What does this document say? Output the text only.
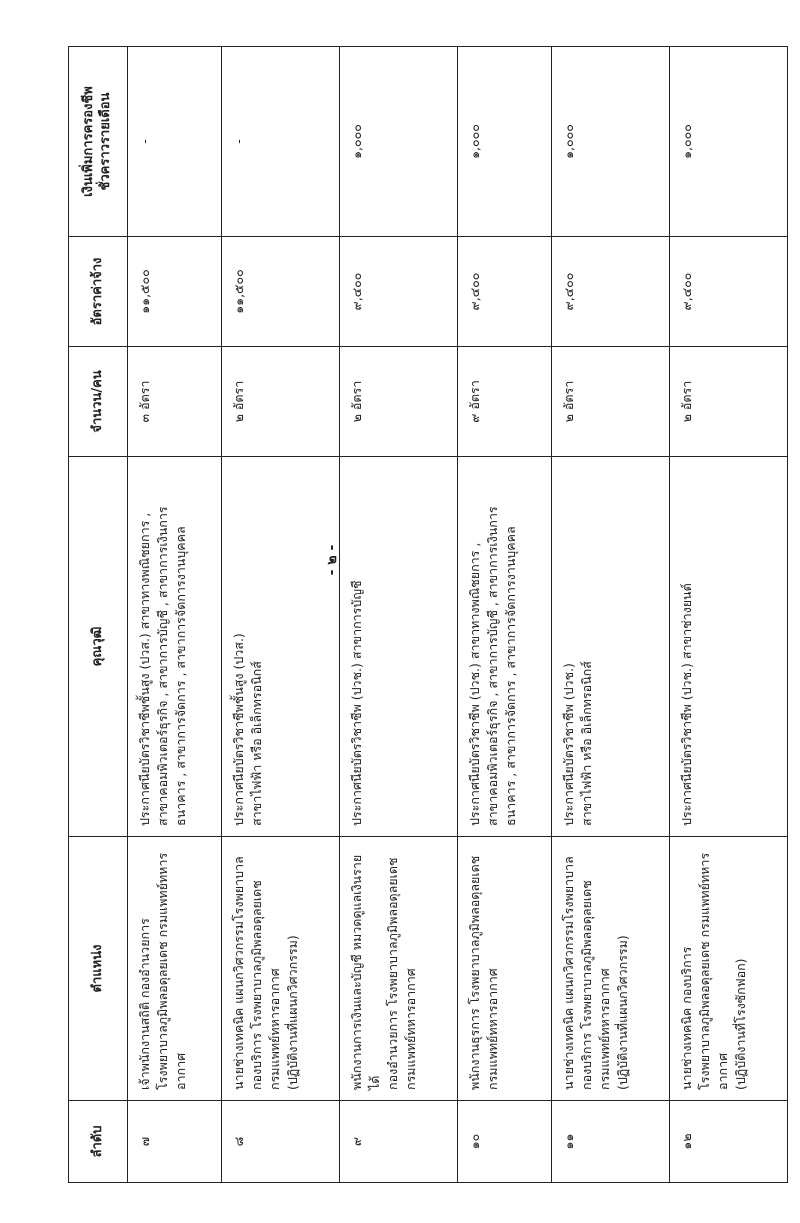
- ๒ -
ลำดับ	ตำแหน่ง	คุณวุฒิ	จำนวน/คน	อัตราค่าจ้าง	เงินเพิ่มการครองชีพ ชั่วคราวรายเดือน

๗	เจ้าพนักงานสถิติ กองอำนวยการ โรงพยาบาลภูมิพลอดุลยเดช กรมแพทย์ทหารอากาศ	ประกาศนียบัตรวิชาชีพชั้นสูง (ปวส.) สาขาทางพณิชยการ , สาขาคอมพิวเตอร์ธุรกิจ , สาขาการบัญชี , สาขาการเงินการ ธนาคาร , สาขาการจัดการ , สาขาการจัดการงานบุคคล	๓ อัตรา	๑๑,๕๐๐	-
๘	นายช่างเทคนิค แผนกวิศวกรรมโรงพยาบาล กองบริการ โรงพยาบาลภูมิพลอดุลยเดช กรมแพทย์ทหารอากาศ (ปฏิบัติงานที่แผนกวิศวกรรม)	ประกาศนียบัตรวิชาชีพชั้นสูง (ปวส.) สาขาไฟฟ้า หรือ อิเล็กทรอนิกส์	๒ อัตรา	๑๑,๕๐๐	-
๙	พนักงานการเงินและบัญชี หมวดดูแลเงินรายได้ กองอำนวยการ โรงพยาบาลภูมิพลอดุลยเดช กรมแพทย์ทหารอากาศ	ประกาศนียบัตรวิชาชีพ (ปวช.) สาขาการบัญชี	๒ อัตรา	๙,๔๐๐	๑,๐๐๐
๑๐	พนักงานธุรการ โรงพยาบาลภูมิพลอดุลยเดช กรมแพทย์ทหารอากาศ	ประกาศนียบัตรวิชาชีพ (ปวช.) สาขาทางพณิชยการ , สาขาคอมพิวเตอร์ธุรกิจ , สาขาการบัญชี , สาขาการเงินการ ธนาคาร , สาขาการจัดการ , สาขาการจัดการงานบุคคล	๙ อัตรา	๙,๔๐๐	๑,๐๐๐
๑๑	นายช่างเทคนิค แผนกวิศวกรรมโรงพยาบาล กองบริการ โรงพยาบาลภูมิพลอดุลยเดช กรมแพทย์ทหารอากาศ (ปฏิบัติงานที่แผนกวิศวกรรม)	ประกาศนียบัตรวิชาชีพ (ปวช.) สาขาไฟฟ้า หรือ อิเล็กทรอนิกส์	๒ อัตรา	๙,๔๐๐	๑,๐๐๐
๑๒	นายช่างเทคนิค กองบริการ โรงพยาบาลภูมิพลอดุลยเดช กรมแพทย์ทหารอากาศ (ปฏิบัติงานที่โรงซักฟอก)	ประกาศนียบัตรวิชาชีพ (ปวช.) สาขาช่างยนต์	๒ อัตรา	๙,๔๐๐	๑,๐๐๐
